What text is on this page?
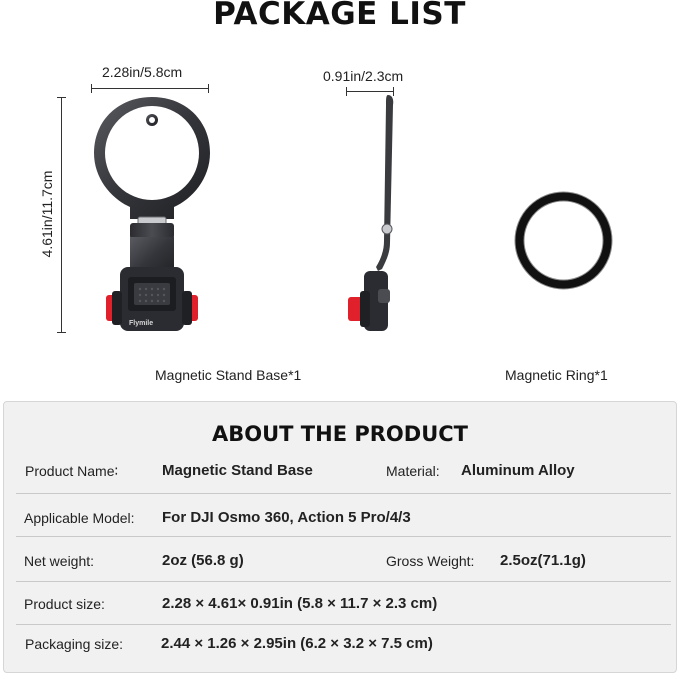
PACKAGE LIST
2.28in/5.8cm
4.61in/11.7cm
0.91in/2.3cm
Flymile
Magnetic Stand Base*1	Magnetic Ring*1
ABOUT THE PRODUCT
Product Name∶	Magnetic Stand Base	Material: Aluminum Alloy
Applicable Model: For DJI Osmo 360, Action 5 Pro/4/3
Net weight:	2oz (56.8 g)	Gross Weight: 2.5oz(71.1g)
Product size:	2.28 × 4.61× 0.91in (5.8 × 11.7 × 2.3 cm)
Packaging size:	2.44 × 1.26 × 2.95in (6.2 × 3.2 × 7.5 cm)
